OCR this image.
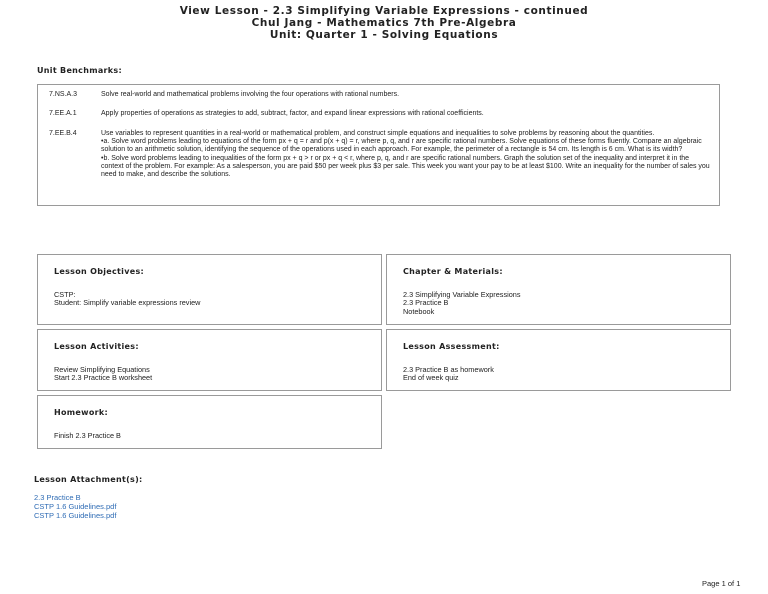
View Lesson - 2.3 Simplifying Variable Expressions - continued
Chul Jang - Mathematics 7th Pre-Algebra
Unit: Quarter 1 - Solving Equations
Unit Benchmarks:
7.NS.A.3	Solve real-world and mathematical problems involving the four operations with rational numbers.

7.EE.A.1	Apply properties of operations as strategies to add, subtract, factor, and expand linear expressions with rational coefficients.

7.EE.B.4	Use variables to represent quantities in a real-world or mathematical problem, and construct simple equations and inequalities to solve problems by reasoning about the quantities.

•a. Solve word problems leading to equations of the form px + q = r and p(x + q) = r, where p, q, and r are specific rational numbers. Solve equations of these forms fluently. Compare an algebraic solution to an arithmetic solution, identifying the sequence of the operations used in each approach. For example, the perimeter of a rectangle is 54 cm. Its length is 6 cm. What is its width?

•b. Solve word problems leading to inequalities of the form px + q > r or px + q < r, where p, q, and r are specific rational numbers. Graph the solution set of the inequality and interpret it in the context of the problem. For example: As a salesperson, you are paid $50 per week plus $3 per sale. This week you want your pay to be at least $100. Write an inequality for the number of sales you need to make, and describe the solutions.

Lesson Objectives:
CSTP:
Student: Simplify variable expressions review
Chapter & Materials:
2.3 Simplifying Variable Expressions
2.3 Practice B
Notebook
Lesson Activities:
Review Simplifying Equations
Start 2.3 Practice B worksheet
Lesson Assessment:
2.3 Practice B as homework
End of week quiz
Homework:
Finish 2.3 Practice B
Lesson Attachment(s):
2.3 Practice B
CSTP 1.6 Guidelines.pdf
CSTP 1.6 Guidelines.pdf
Page 1 of 1
